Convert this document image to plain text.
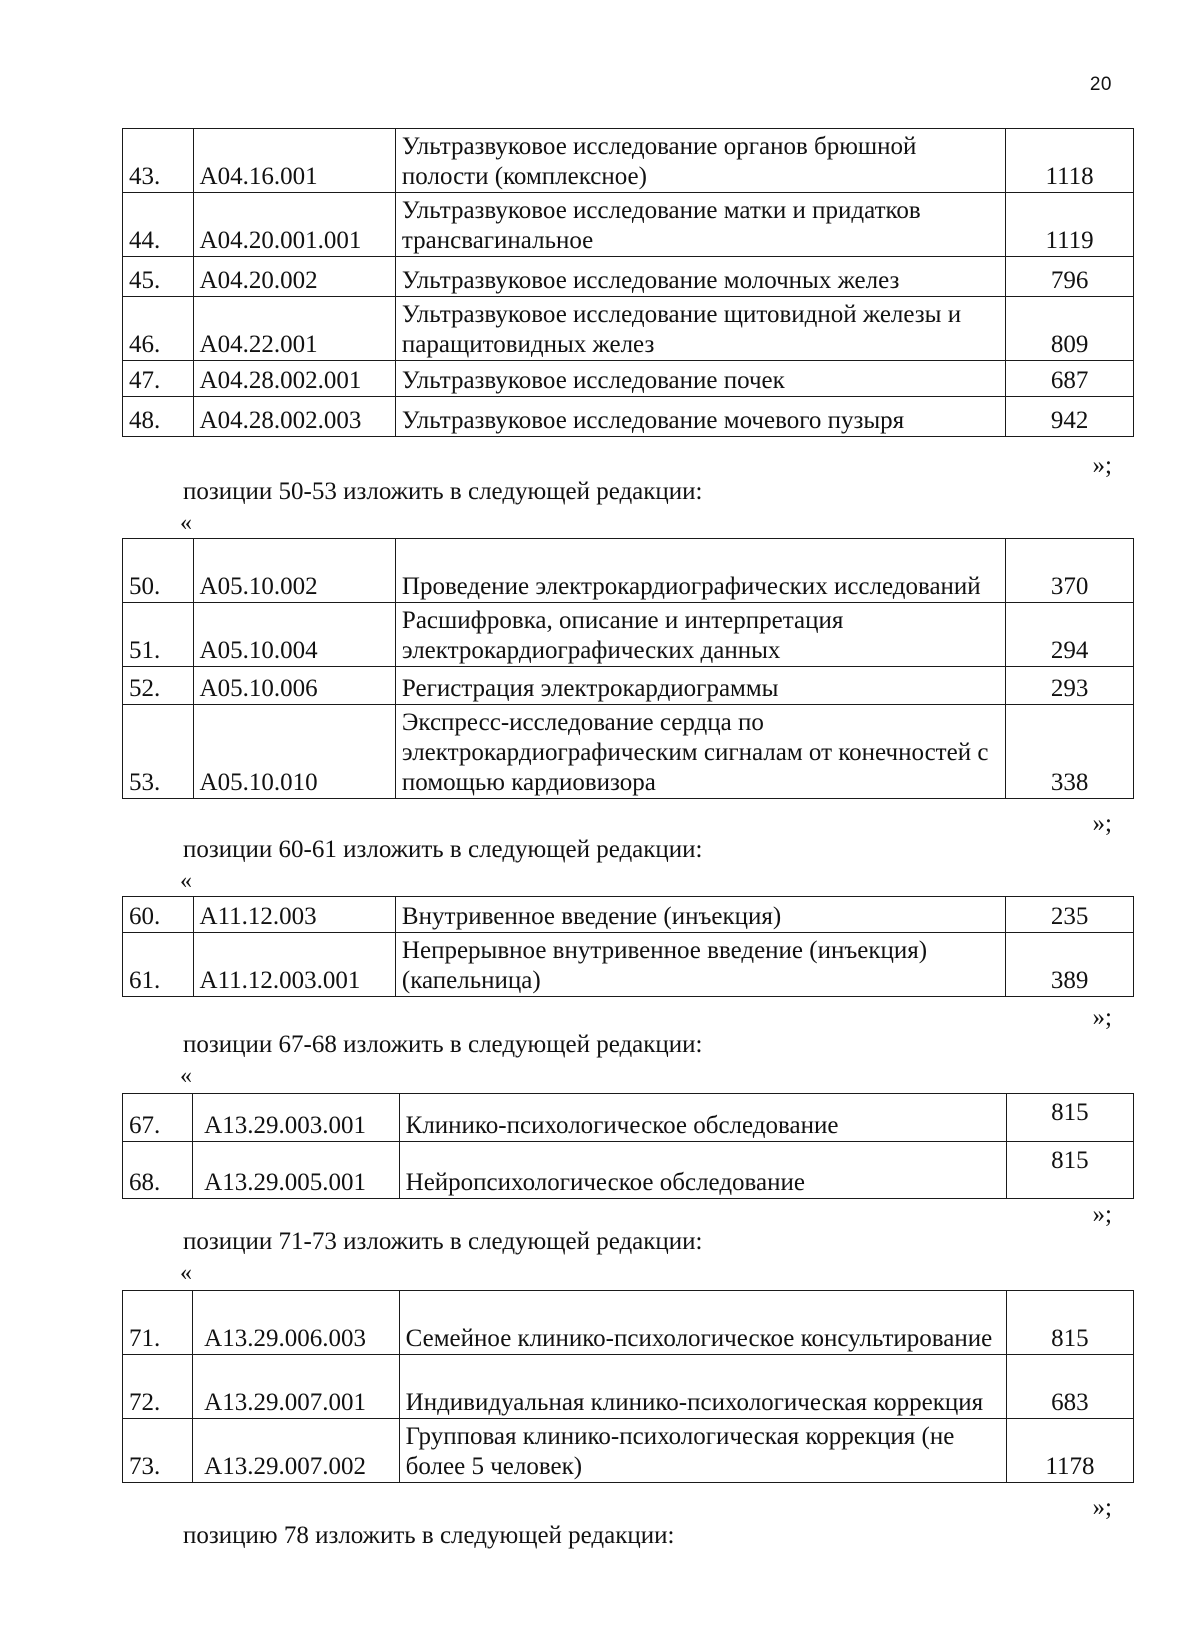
20
43.	A04.16.001	Ультразвуковое исследование органов брюшной полости (комплексное)	1118
44.	A04.20.001.001	Ультразвуковое исследование матки и придатков трансвагинальное	1119
45.	A04.20.002	Ультразвуковое исследование молочных желез	796
46.	A04.22.001	Ультразвуковое исследование щитовидной железы и паращитовидных желез	809
47.	A04.28.002.001	Ультразвуковое исследование почек	687
48.	A04.28.002.003	Ультразвуковое исследование мочевого пузыря	942
»;
позиции 50-53 изложить в следующей редакции:
«
50.	A05.10.002	Проведение электрокардиографических исследований	370
51.	A05.10.004	Расшифровка, описание и интерпретация электрокардиографических данных	294
52.	A05.10.006	Регистрация электрокардиограммы	293
53.	A05.10.010	Экспресс-исследование сердца по электрокардиографическим сигналам от конечностей с помощью кардиовизора	338
»;
позиции 60-61 изложить в следующей редакции:
«
60.	A11.12.003	Внутривенное введение (инъекция)	235
61.	A11.12.003.001	Непрерывное внутривенное введение (инъекция) (капельница)	389
»;
позиции 67-68 изложить в следующей редакции:
«
67.	A13.29.003.001	Клинико-психологическое обследование	815
68.	A13.29.005.001	Нейропсихологическое обследование	815
»;
позиции 71-73 изложить в следующей редакции:
«
71.	A13.29.006.003	Семейное клинико-психологическое консультирование	815
72.	A13.29.007.001	Индивидуальная клинико-психологическая коррекция	683
73.	A13.29.007.002	Групповая клинико-психологическая коррекция (не более 5 человек)	1178
»;
позицию 78 изложить в следующей редакции:
